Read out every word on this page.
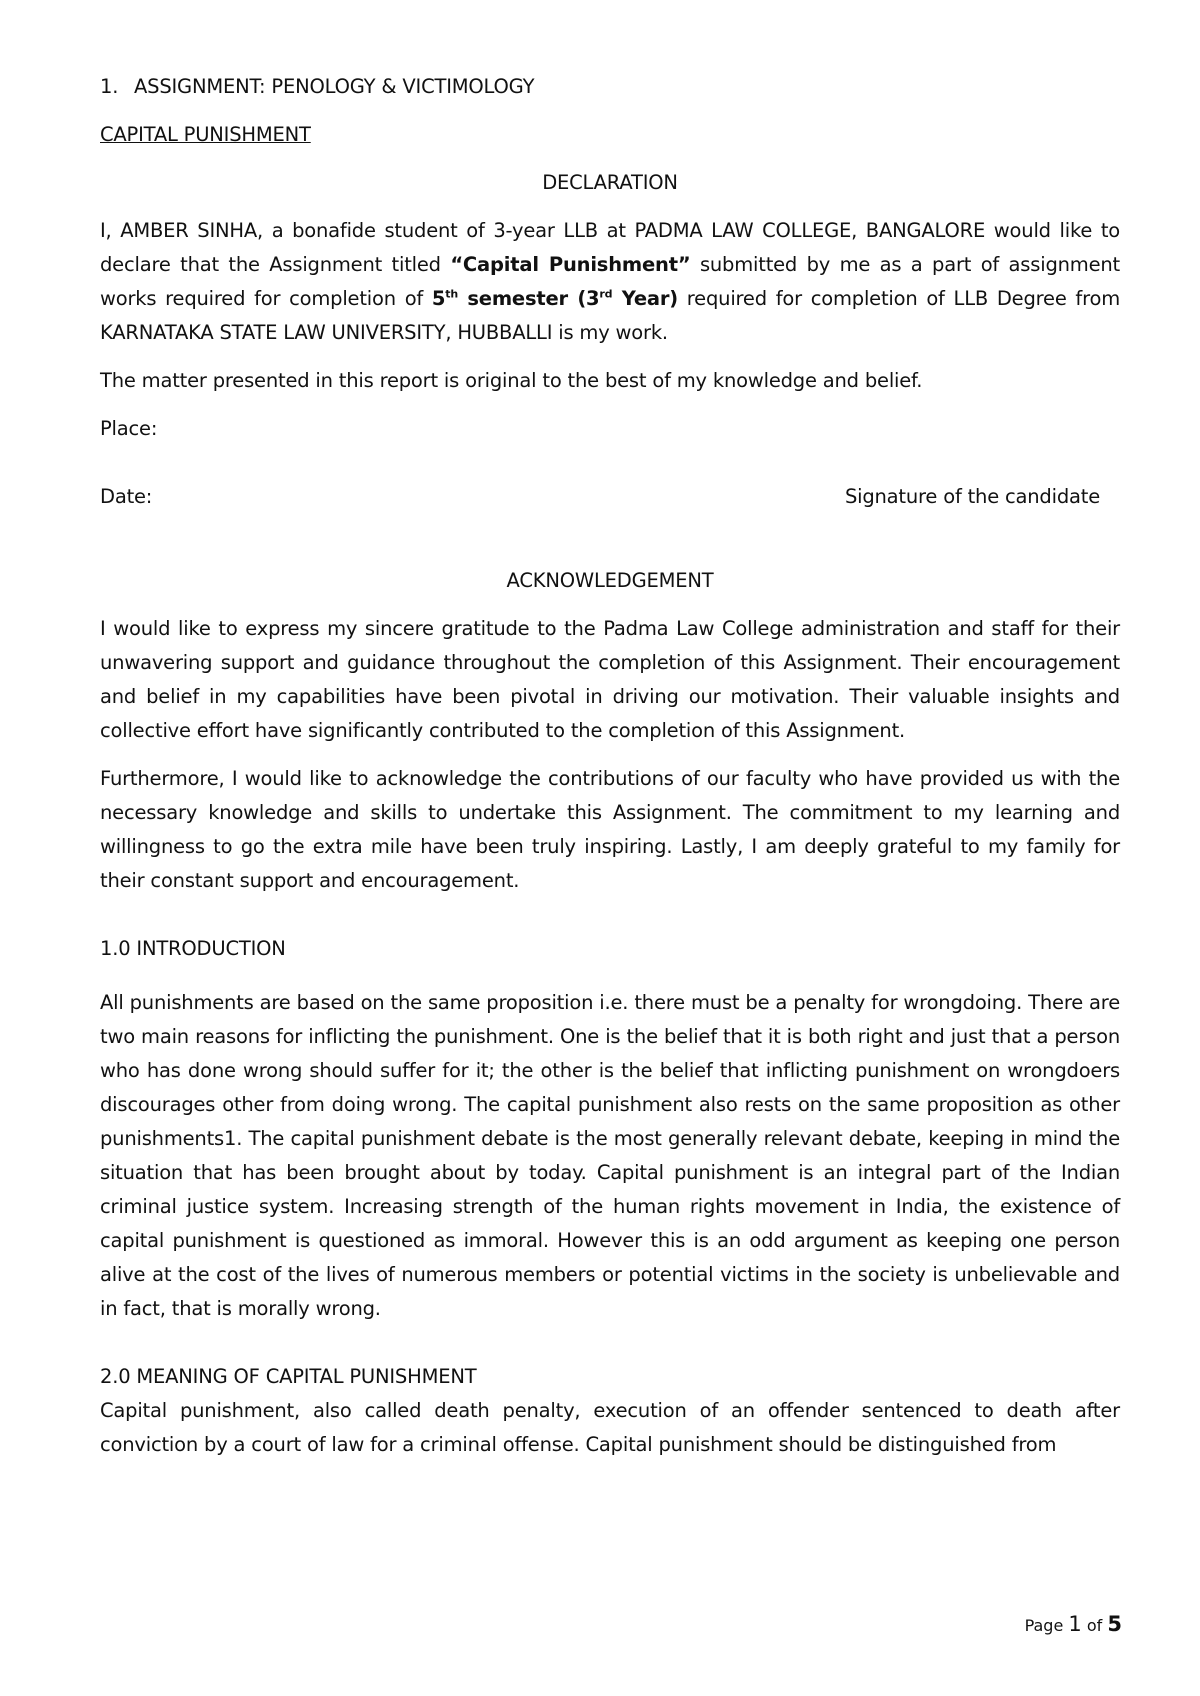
1. ASSIGNMENT: PENOLOGY & VICTIMOLOGY
CAPITAL PUNISHMENT
DECLARATION

I, AMBER SINHA, a bonafide student of 3-year LLB at PADMA LAW COLLEGE, BANGALORE would like to declare that the Assignment titled “Capital Punishment” submitted by me as a part of assignment works required for completion of 5th semester (3rd Year) required for completion of LLB Degree from KARNATAKA STATE LAW UNIVERSITY, HUBBALLI is my work.

The matter presented in this report is original to the best of my knowledge and belief.

Place:

Date:	Signature of the candidate
ACKNOWLEDGEMENT

I would like to express my sincere gratitude to the Padma Law College administration and staff for their unwavering support and guidance throughout the completion of this Assignment. Their encouragement and belief in my capabilities have been pivotal in driving our motivation. Their valuable insights and collective effort have significantly contributed to the completion of this Assignment.

Furthermore, I would like to acknowledge the contributions of our faculty who have provided us with the necessary knowledge and skills to undertake this Assignment. The commitment to my learning and willingness to go the extra mile have been truly inspiring. Lastly, I am deeply grateful to my family for their constant support and encouragement.

1.0 INTRODUCTION

All punishments are based on the same proposition i.e. there must be a penalty for wrongdoing. There are two main reasons for inflicting the punishment. One is the belief that it is both right and just that a person who has done wrong should suffer for it; the other is the belief that inflicting punishment on wrongdoers discourages other from doing wrong. The capital punishment also rests on the same proposition as other punishments1. The capital punishment debate is the most generally relevant debate, keeping in mind the situation that has been brought about by today. Capital punishment is an integral part of the Indian criminal justice system. Increasing strength of the human rights movement in India, the existence of capital punishment is questioned as immoral. However this is an odd argument as keeping one person alive at the cost of the lives of numerous members or potential victims in the society is unbelievable and in fact, that is morally wrong.

2.0 MEANING OF CAPITAL PUNISHMENT

Capital punishment, also called death penalty, execution of an offender sentenced to death after conviction by a court of law for a criminal offense. Capital punishment should be distinguished from

Page 1 of 5
